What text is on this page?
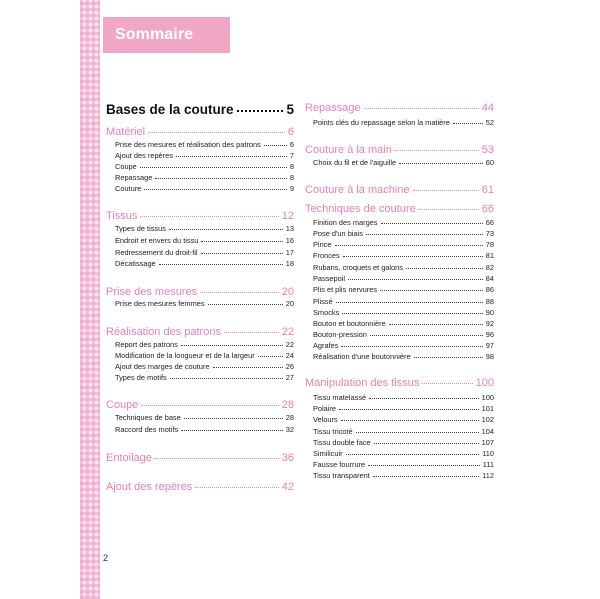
Sommaire
2
Bases de la couture	5
Matériel	6
Prise des mesures et réalisation des patrons	6
Ajout des repères	7
Coupe	8
Repassage	8
Couture	9
Tissus	12
Types de tissus	13
Endroit et envers du tissu	16
Redressement du droit-fil	17
Décatissage	18
Prise des mesures	20
Prise des mesures femmes	20
Réalisation des patrons	22
Report des patrons	22
Modification de la longueur et de la largeur	24
Ajout des marges de couture	26
Types de motifs	27
Coupe	28
Techniques de base	28
Raccord des motifs	32
Entoilage	36
Ajout des repères	42
Repassage	44
Points clés du repassage selon la matière	52
Couture à la main	53
Choix du fil et de l'aiguille	60
Couture à la machine	61
Techniques de couture	66
Finition des marges	66
Pose d'un biais	73
Pince	78
Fronces	81
Rubans, croquets et galons	82
Passepoil	84
Plis et plis nervures	86
Plissé	88
Smocks	90
Bouton et boutonnière	92
Bouton-pression	96
Agrafes	97
Réalisation d'une boutonnière	98
Manipulation des tissus	100
Tissu matelassé	100
Polaire	101
Velours	102
Tissu tricoté	104
Tissu double face	107
Similicuir	110
Fausse fourrure	111
Tissu transparent	112
